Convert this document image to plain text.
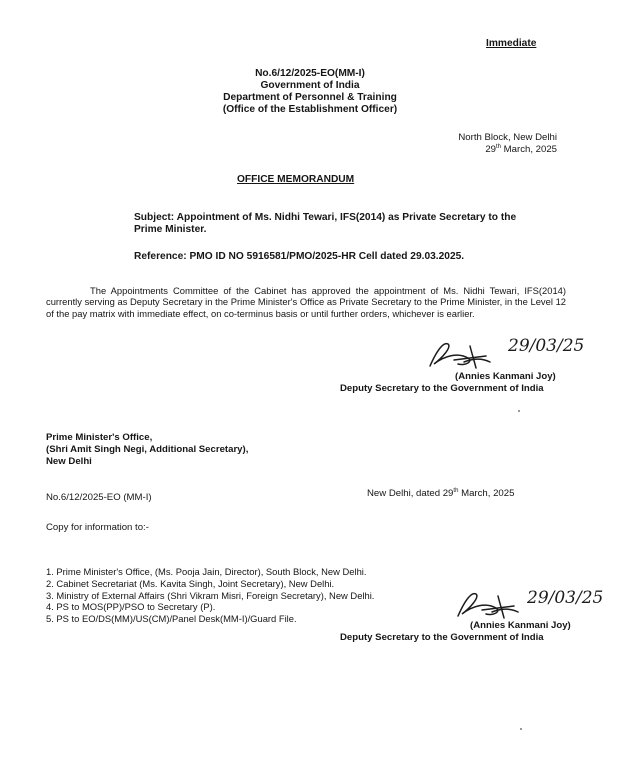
Immediate
No.6/12/2025-EO(MM-I)
Government of India
Department of Personnel & Training
(Office of the Establishment Officer)
North Block, New Delhi
29th March, 2025
OFFICE MEMORANDUM
Subject: Appointment of Ms. Nidhi Tewari, IFS(2014) as Private Secretary to the
Prime Minister.
Reference: PMO ID NO 5916581/PMO/2025-HR Cell dated 29.03.2025.
The Appointments Committee of the Cabinet has approved the appointment of Ms. Nidhi Tewari, IFS(2014) currently serving as Deputy Secretary in the Prime Minister's Office as Private Secretary to the Prime Minister, in the Level 12 of the pay matrix with immediate effect, on co-terminus basis or until further orders, whichever is earlier.
29/03/25
(Annies Kanmani Joy)
Deputy Secretary to the Government of India
Prime Minister's Office,
(Shri Amit Singh Negi, Additional Secretary),
New Delhi
No.6/12/2025-EO (MM-I)	New Delhi, dated 29th March, 2025
Copy for information to:-
1. Prime Minister's Office, (Ms. Pooja Jain, Director), South Block, New Delhi.
2. Cabinet Secretariat (Ms. Kavita Singh, Joint Secretary), New Delhi.
3. Ministry of External Affairs (Shri Vikram Misri, Foreign Secretary), New Delhi.
4. PS to MOS(PP)/PSO to Secretary (P).
5. PS to EO/DS(MM)/US(CM)/Panel Desk(MM-I)/Guard File.
29/03/25
(Annies Kanmani Joy)
Deputy Secretary to the Government of India
